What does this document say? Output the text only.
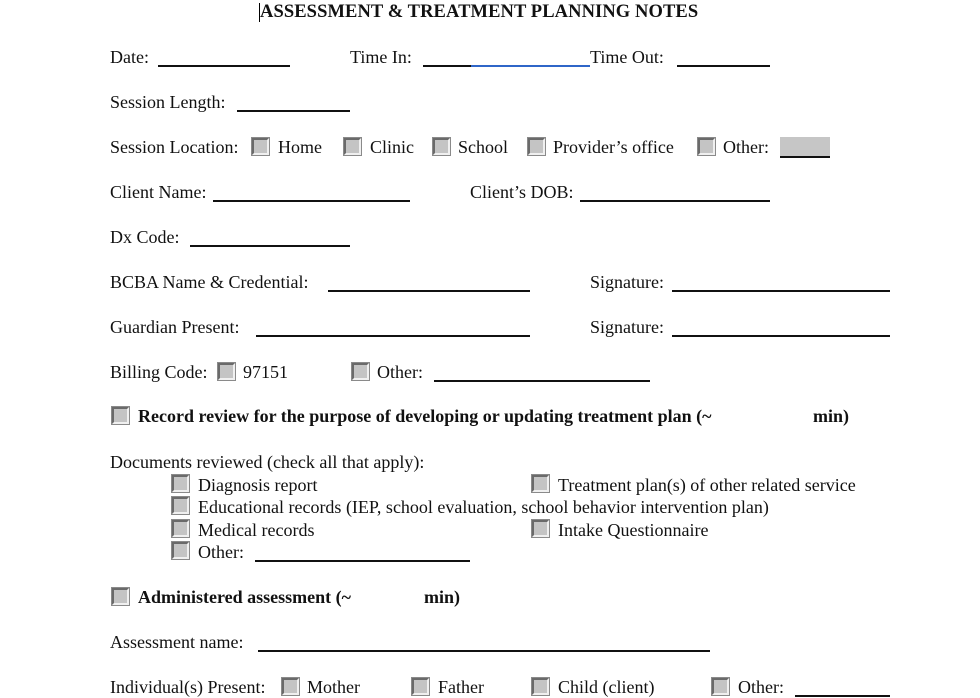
ASSESSMENT & TREATMENT PLANNING NOTES
Date:	Time In:	Time Out:
Session Length:
Session Location: Home	Clinic School Provider’s office	Other:
Client Name:	Client’s DOB:
Dx Code:
BCBA Name & Credential:	Signature:
Guardian Present:	Signature:
Billing Code: 97151	Other:
Record review for the purpose of developing or updating treatment plan (~	min)
Documents reviewed (check all that apply):
Diagnosis report	Treatment plan(s) of other related service
Educational records (IEP, school evaluation, school behavior intervention plan)
Medical records	Intake Questionnaire
Other:
Administered assessment (~	min)
Assessment name:
Individual(s) Present: Mother	Father	Child (client)	Other:
